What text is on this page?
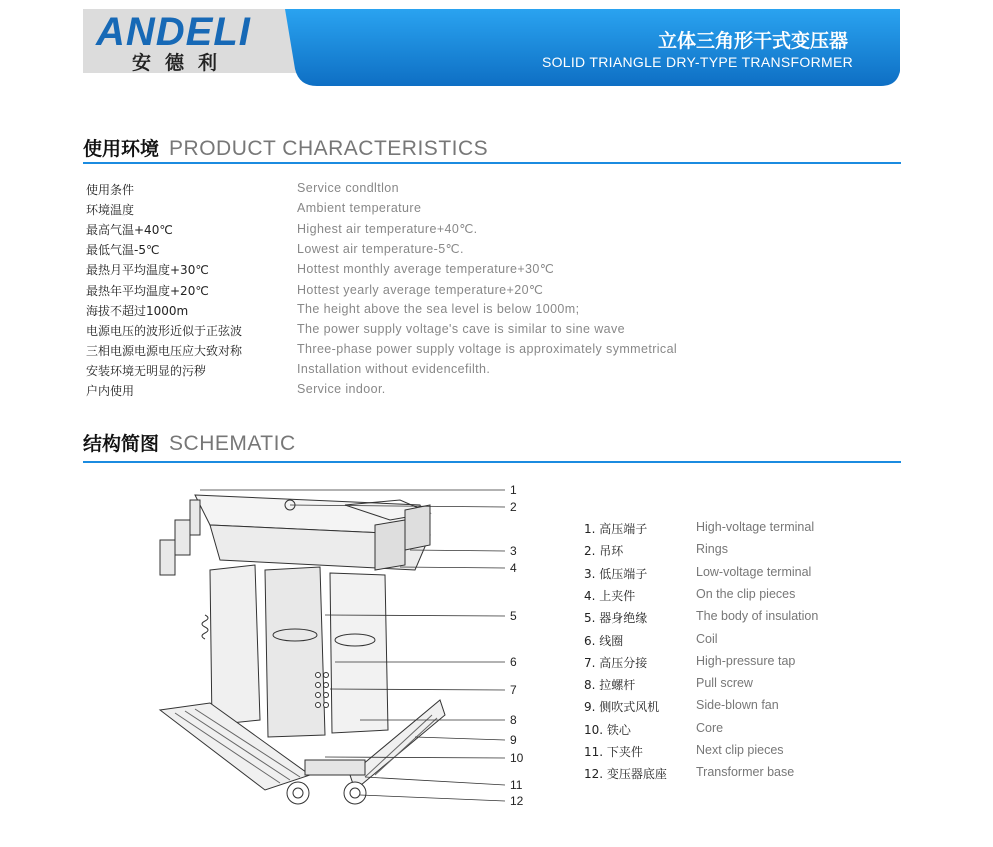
ANDELI
安德利
立体三角形干式变压器
SOLID TRIANGLE DRY-TYPE TRANSFORMER
使用环境 PRODUCT CHARACTERISTICS
使用条件	Service condltlon
环境温度	Ambient temperature
最高气温+40℃	Highest air temperature+40℃.
最低气温-5℃	Lowest air temperature-5℃.
最热月平均温度+30℃	Hottest monthly average temperature+30℃
最热年平均温度+20℃	Hottest yearly average temperature+20℃
海拔不超过1000m	The height above the sea level is below 1000m;
电源电压的波形近似于正弦波	The power supply voltage's cave is similar to sine wave
三相电源电源电压应大致对称	Three-phase power supply voltage is approximately symmetrical
安装环境无明显的污秽	Installation without evidencefilth.
户内使用	Service indoor.
结构简图 SCHEMATIC
1
2
3
4
5
6
7
8
9
10
11
12
1. 高压端子	High-voltage terminal
2. 吊环	Rings
3. 低压端子	Low-voltage terminal
4. 上夹件	On the clip pieces
5. 器身绝缘	The body of insulation
6. 线圈	Coil
7. 高压分接	High-pressure tap
8. 拉螺杆	Pull screw
9. 侧吹式风机	Side-blown fan
10. 铁心	Core
11. 下夹件	Next clip pieces
12. 变压器底座 Transformer base
